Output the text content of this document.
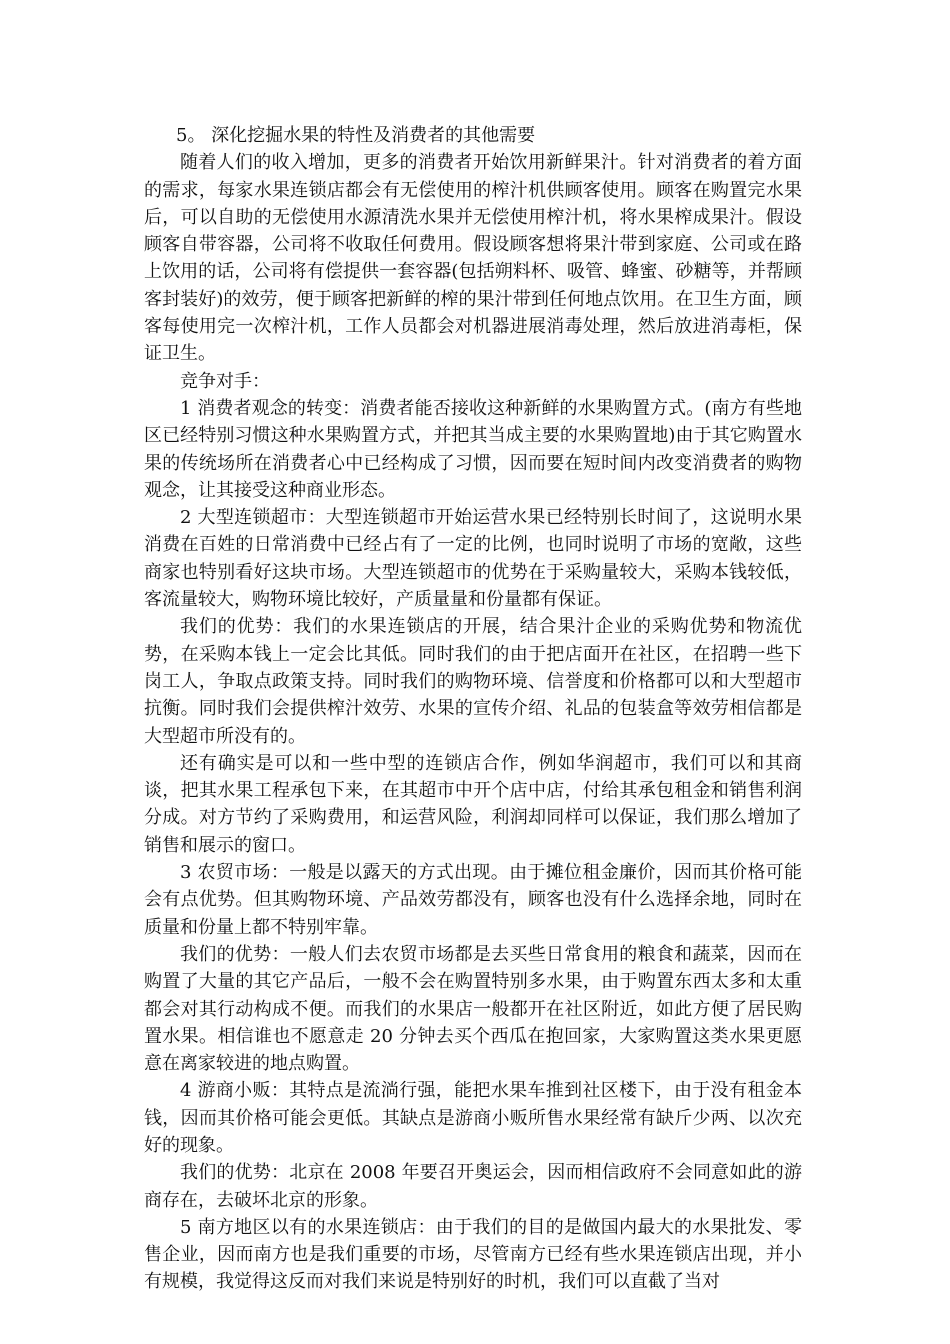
5。 深化挖掘水果的特性及消费者的其他需要

随着人们的收入增加，更多的消费者开始饮用新鲜果汁。针对消费者的着方面的需求，每家水果连锁店都会有无偿使用的榨汁机供顾客使用。顾客在购置完水果后，可以自助的无偿使用水源清洗水果并无偿使用榨汁机，将水果榨成果汁。假设顾客自带容器，公司将不收取任何费用。假设顾客想将果汁带到家庭、公司或在路上饮用的话，公司将有偿提供一套容器(包括朔料杯、吸管、蜂蜜、砂糖等，并帮顾客封装好)的效劳，便于顾客把新鲜的榨的果汁带到任何地点饮用。在卫生方面，顾客每使用完一次榨汁机，工作人员都会对机器进展消毒处理，然后放进消毒柜，保证卫生。

竞争对手：

1 消费者观念的转变：消费者能否接收这种新鲜的水果购置方式。(南方有些地区已经特别习惯这种水果购置方式，并把其当成主要的水果购置地)由于其它购置水果的传统场所在消费者心中已经构成了习惯，因而要在短时间内改变消费者的购物观念，让其接受这种商业形态。

2 大型连锁超市：大型连锁超市开始运营水果已经特别长时间了，这说明水果消费在百姓的日常消费中已经占有了一定的比例，也同时说明了市场的宽敞，这些商家也特别看好这块市场。大型连锁超市的优势在于采购量较大，采购本钱较低，客流量较大，购物环境比较好，产质量量和份量都有保证。

我们的优势：我们的水果连锁店的开展，结合果汁企业的采购优势和物流优势，在采购本钱上一定会比其低。同时我们的由于把店面开在社区，在招聘一些下岗工人，争取点政策支持。同时我们的购物环境、信誉度和价格都可以和大型超市抗衡。同时我们会提供榨汁效劳、水果的宣传介绍、礼品的包装盒等效劳相信都是大型超市所没有的。

还有确实是可以和一些中型的连锁店合作，例如华润超市，我们可以和其商谈，把其水果工程承包下来，在其超市中开个店中店，付给其承包租金和销售利润分成。对方节约了采购费用，和运营风险，利润却同样可以保证，我们那么增加了销售和展示的窗口。

3 农贸市场：一般是以露天的方式出现。由于摊位租金廉价，因而其价格可能会有点优势。但其购物环境、产品效劳都没有，顾客也没有什么选择余地，同时在质量和份量上都不特别牢靠。

我们的优势：一般人们去农贸市场都是去买些日常食用的粮食和蔬菜，因而在购置了大量的其它产品后，一般不会在购置特别多水果，由于购置东西太多和太重都会对其行动构成不便。而我们的水果店一般都开在社区附近，如此方便了居民购置水果。相信谁也不愿意走 20 分钟去买个西瓜在抱回家，大家购置这类水果更愿意在离家较进的地点购置。

4 游商小贩：其特点是流淌行强，能把水果车推到社区楼下，由于没有租金本钱，因而其价格可能会更低。其缺点是游商小贩所售水果经常有缺斤少两、以次充好的现象。

我们的优势：北京在 2008 年要召开奥运会，因而相信政府不会同意如此的游商存在，去破坏北京的形象。

5 南方地区以有的水果连锁店：由于我们的目的是做国内最大的水果批发、零售企业，因而南方也是我们重要的市场，尽管南方已经有些水果连锁店出现，并小有规模，我觉得这反而对我们来说是特别好的时机，我们可以直截了当对
